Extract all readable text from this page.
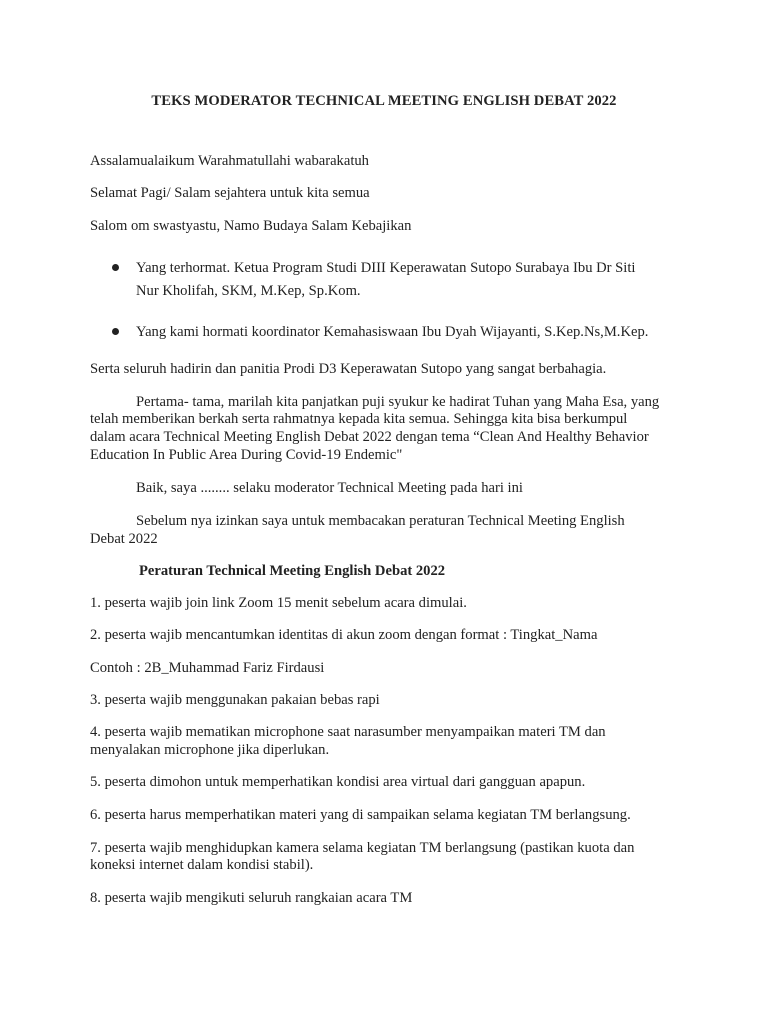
TEKS MODERATOR TECHNICAL MEETING ENGLISH DEBAT 2022
Assalamualaikum Warahmatullahi wabarakatuh
Selamat Pagi/ Salam sejahtera untuk kita semua
Salom om swastyastu, Namo Budaya Salam Kebajikan
Yang terhormat. Ketua Program Studi DIII Keperawatan Sutopo Surabaya Ibu Dr Siti
Nur Kholifah, SKM, M.Kep, Sp.Kom.
Yang kami hormati koordinator Kemahasiswaan Ibu Dyah Wijayanti, S.Kep.Ns,M.Kep.
Serta seluruh hadirin dan panitia Prodi D3 Keperawatan Sutopo yang sangat berbahagia.
Pertama- tama, marilah kita panjatkan puji syukur ke hadirat Tuhan yang Maha Esa, yang
telah memberikan berkah serta rahmatnya kepada kita semua. Sehingga kita bisa berkumpul
dalam acara Technical Meeting English Debat 2022 dengan tema “Clean And Healthy Behavior
Education In Public Area During Covid-19 Endemic"
Baik, saya ........ selaku moderator Technical Meeting pada hari ini
Sebelum nya izinkan saya untuk membacakan peraturan Technical Meeting English
Debat 2022
Peraturan Technical Meeting English Debat 2022
1. peserta wajib join link Zoom 15 menit sebelum acara dimulai.
2. peserta wajib mencantumkan identitas di akun zoom dengan format : Tingkat_Nama
Contoh : 2B_Muhammad Fariz Firdausi
3. peserta wajib menggunakan pakaian bebas rapi
4. peserta wajib mematikan microphone saat narasumber menyampaikan materi TM dan
menyalakan microphone jika diperlukan.
5. peserta dimohon untuk memperhatikan kondisi area virtual dari gangguan apapun.
6. peserta harus memperhatikan materi yang di sampaikan selama kegiatan TM berlangsung.
7. peserta wajib menghidupkan kamera selama kegiatan TM berlangsung (pastikan kuota dan
koneksi internet dalam kondisi stabil).
8. peserta wajib mengikuti seluruh rangkaian acara TM
